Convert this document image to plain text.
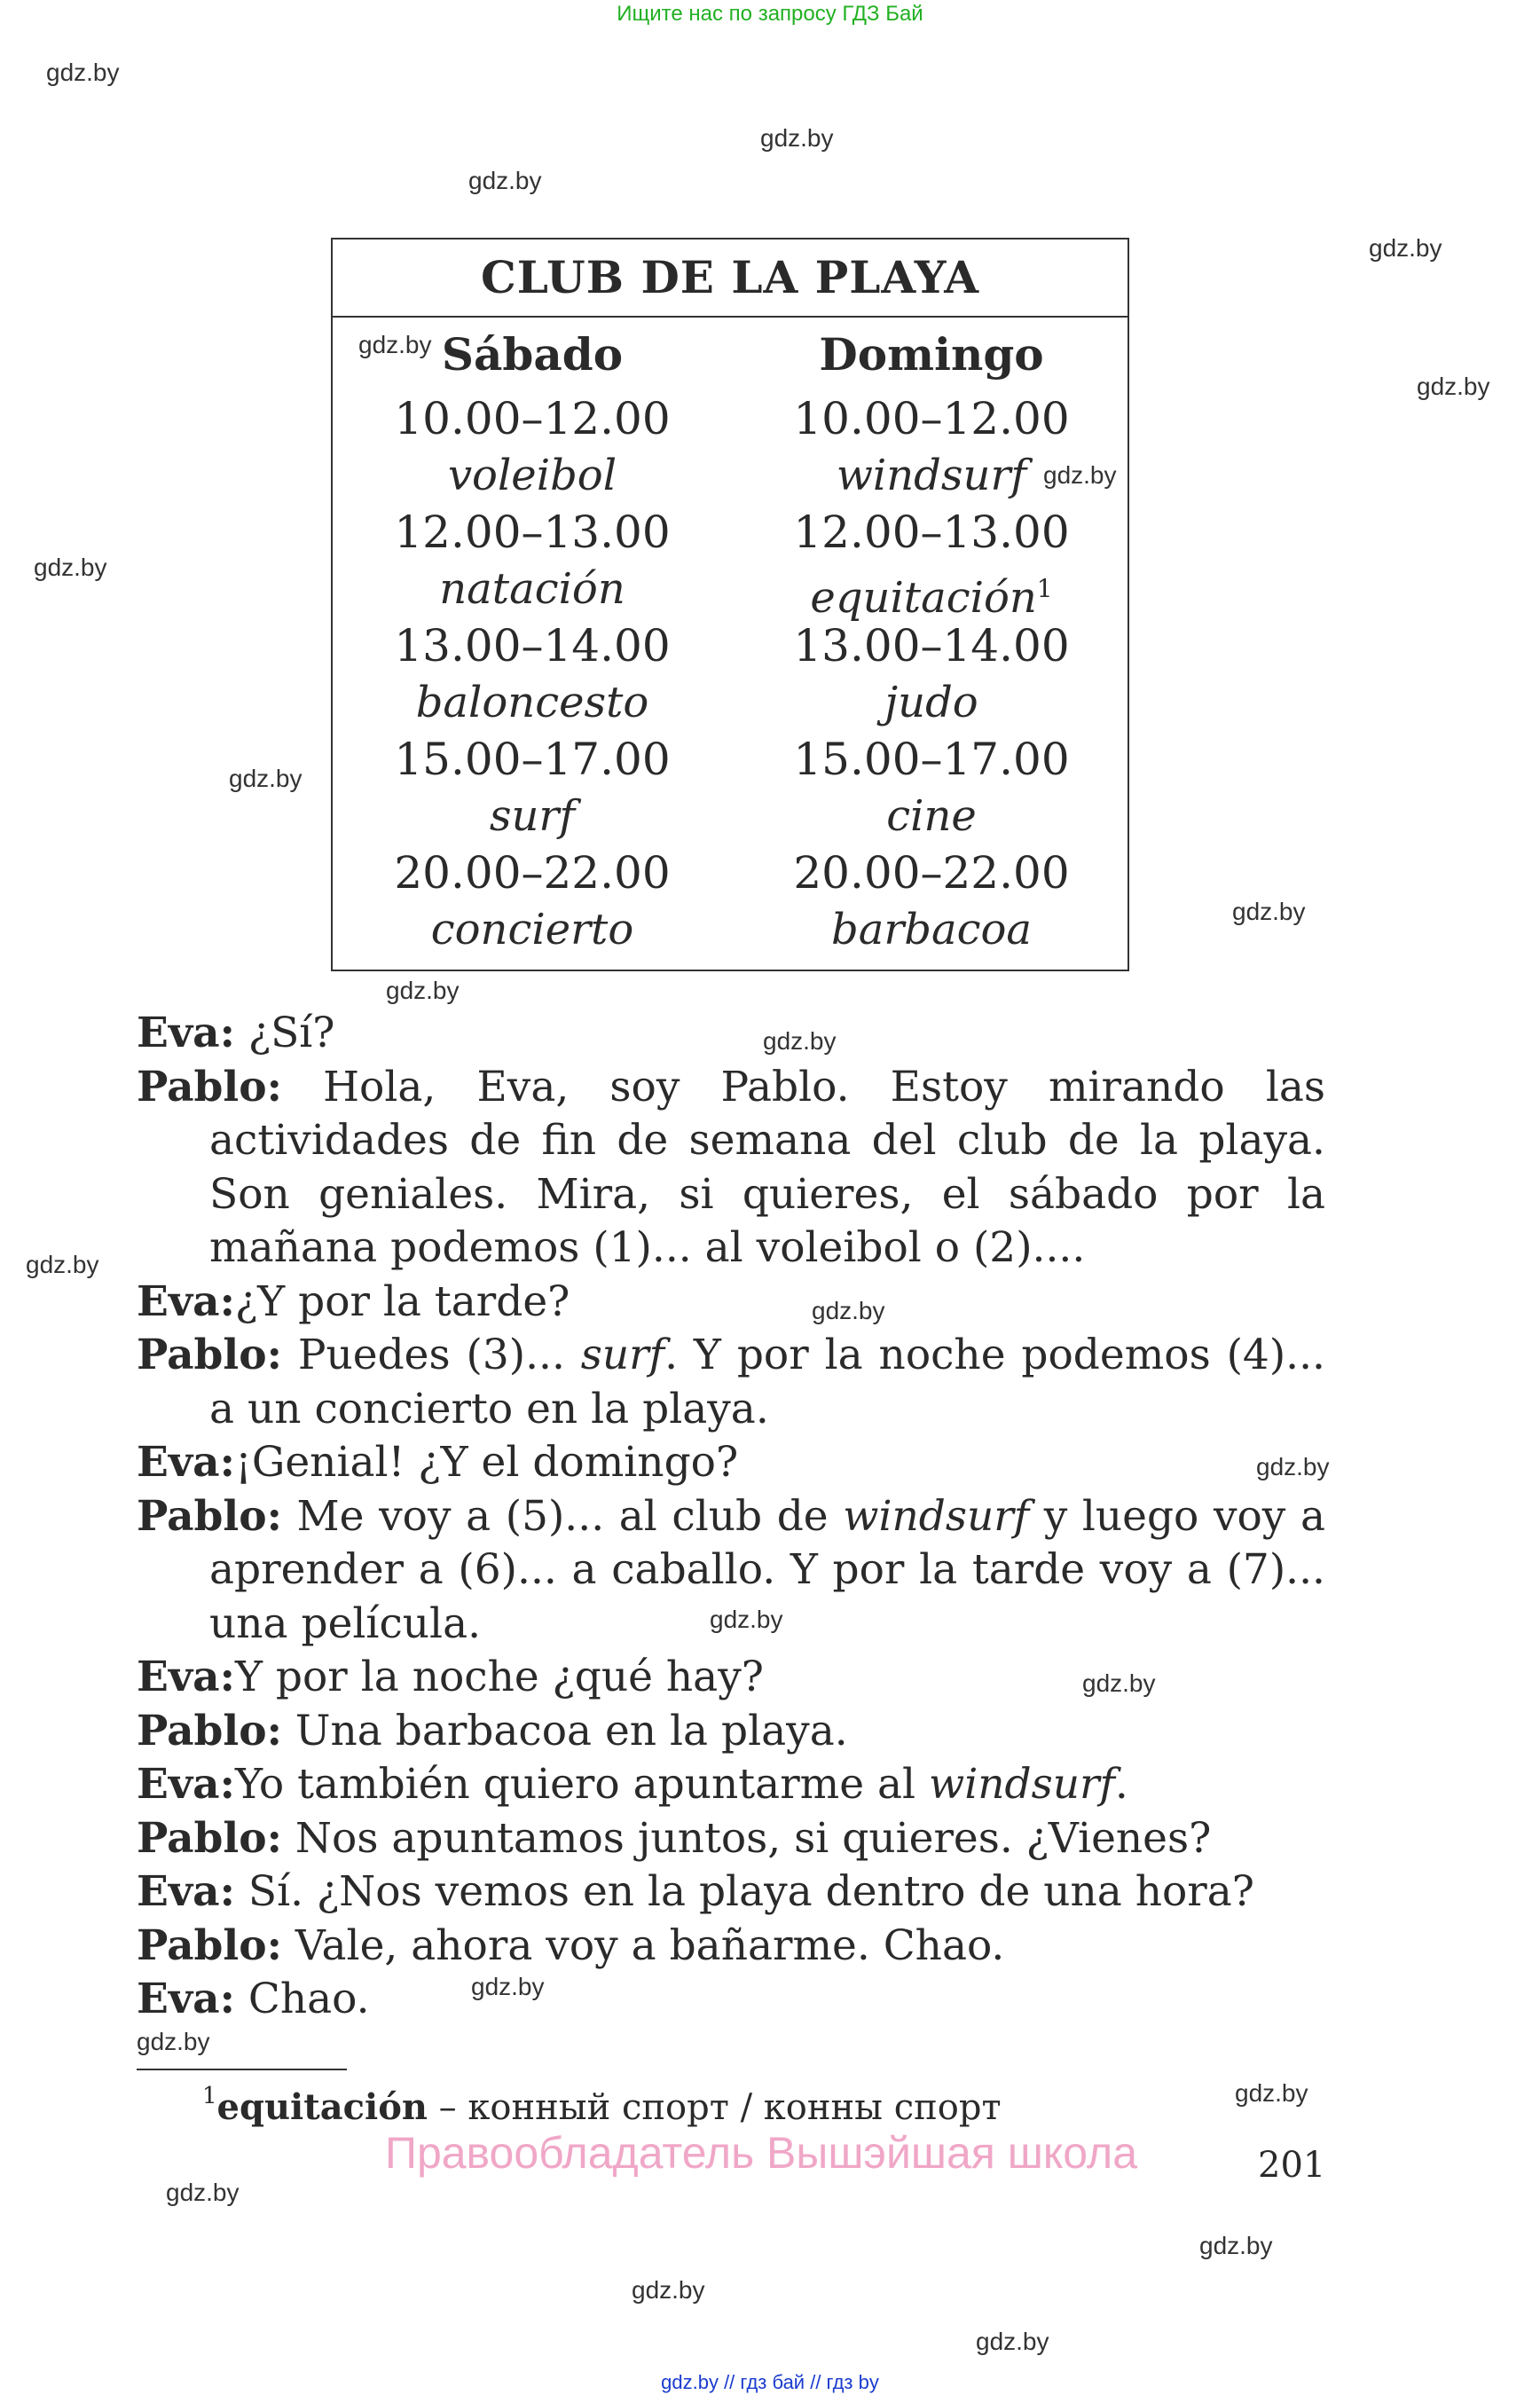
Ищите нас по запросу ГДЗ Бай
gdz.by
gdz.by
gdz.by
gdz.by
gdz.by
gdz.by
gdz.by
gdz.by
gdz.by
gdz.by
gdz.by
gdz.by
gdz.by
gdz.by
gdz.by
gdz.by
gdz.by
gdz.by
gdz.by
gdz.by
gdz.by
gdz.by
gdz.by
gdz.by
CLUB DE LA PLAYA
Sábado
10.00–12.00
voleibol
12.00–13.00
natación
13.00–14.00
baloncesto
15.00–17.00
surf
20.00–22.00
concierto
Domingo
10.00–12.00
windsurf
12.00–13.00
equitación$^1$
13.00–14.00
judo
15.00–17.00
cine
20.00–22.00
barbacoa

Eva: ¿Sí?

Pablo: Hola, Eva, soy Pablo. Estoy mirando las actividades de fin de semana del club de la playa. Son geniales. Mira, si quieres, el sábado por la mañana podemos (1)... al voleibol o (2)....

Eva:¿Y por la tarde?

Pablo: Puedes (3)... surf. Y por la noche podemos (4)... a un concierto en la playa.

Eva:¡Genial! ¿Y el domingo?

Pablo: Me voy a (5)... al club de windsurf y luego voy a aprender a (6)... a caballo. Y por la tarde voy a (7)... una película.

Eva:Y por la noche ¿qué hay?

Pablo: Una barbacoa en la playa.

Eva:Yo también quiero apuntarme al windsurf.

Pablo: Nos apuntamos juntos, si quieres. ¿Vienes?

Eva: Sí. ¿Nos vemos en la playa dentro de una hora?

Pablo: Vale, ahora voy a bañarme. Chao.

Eva: Chao.

$^1$equitación – конный спорт / конны спорт
Правообладатель Вышэйшая школа	201
gdz.by // гдз бай // гдз by
